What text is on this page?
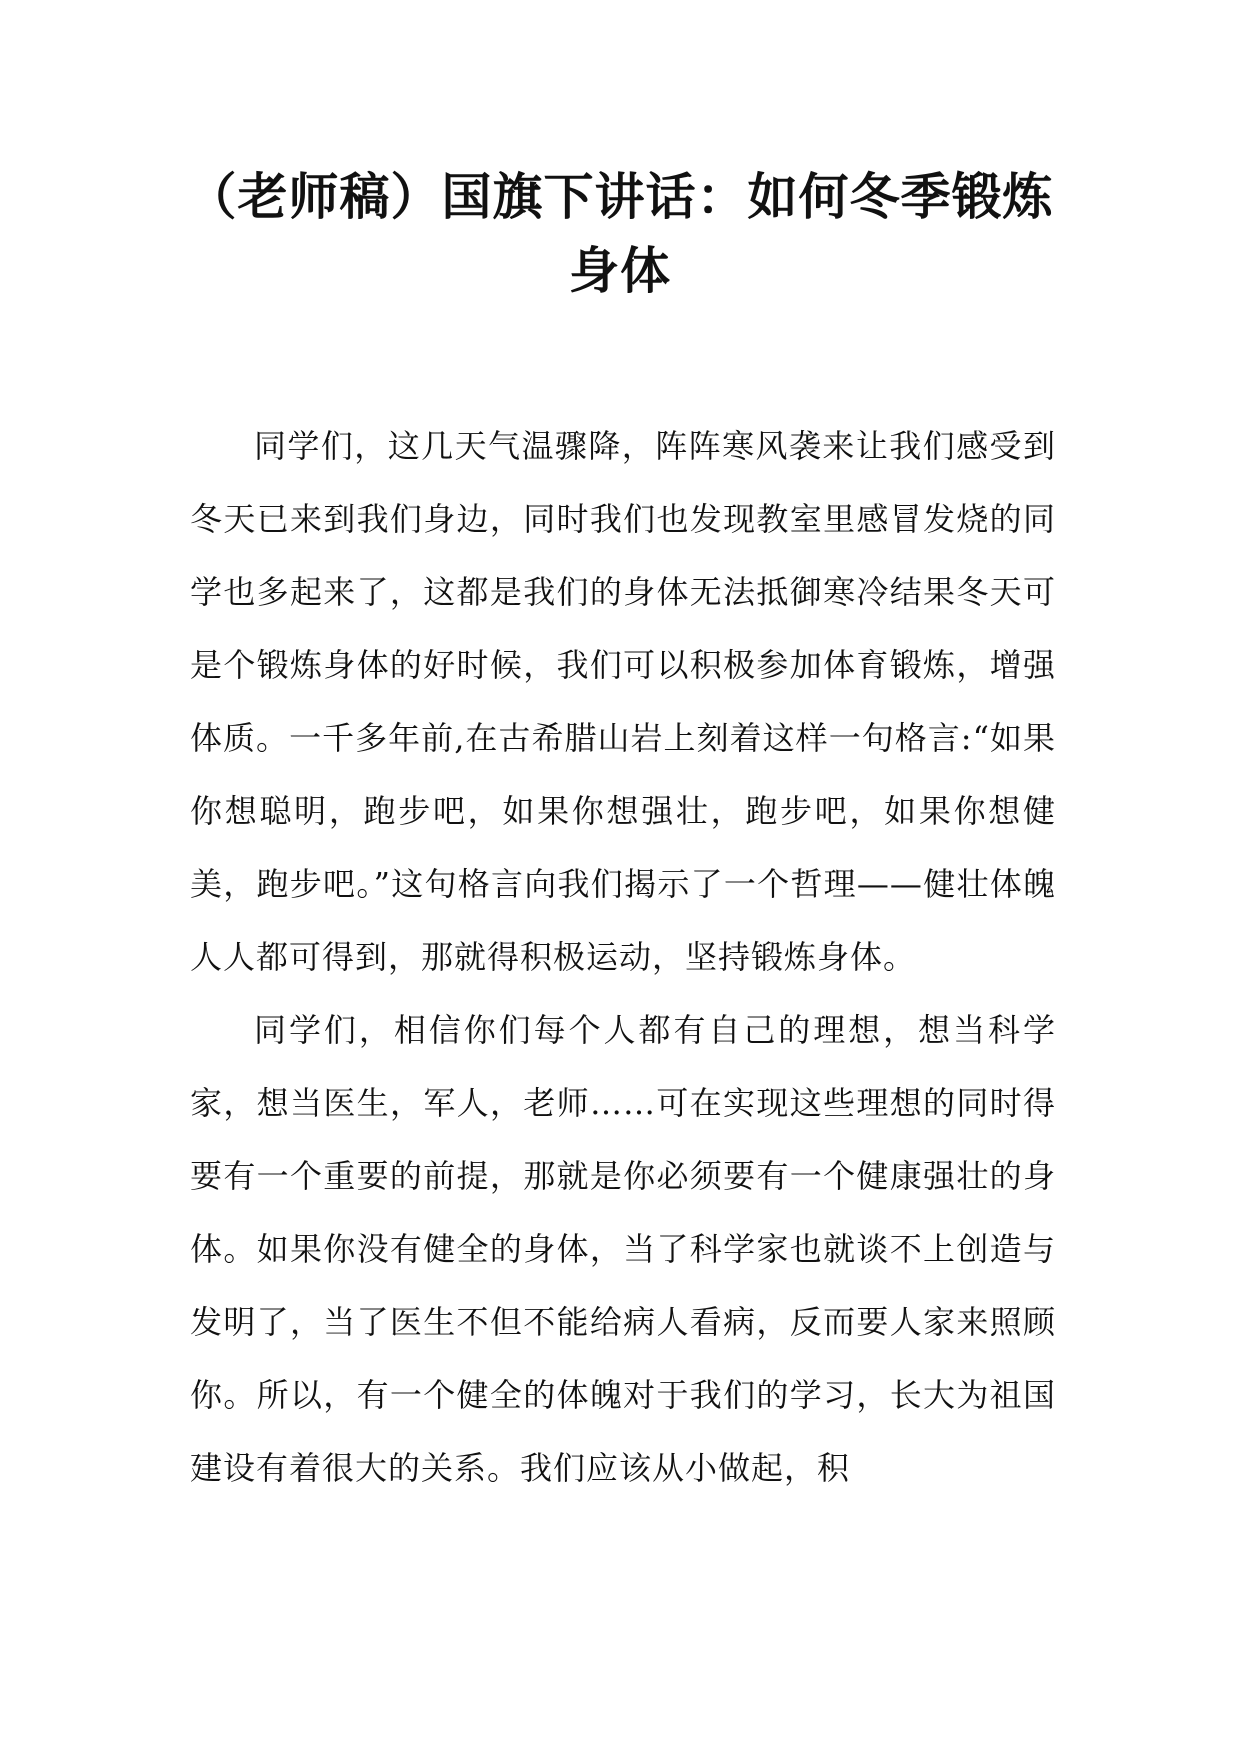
（老师稿）国旗下讲话：如何冬季锻炼
身体

同学们，这几天气温骤降，阵阵寒风袭来让我们感受到冬天已来到我们身边，同时我们也发现教室里感冒发烧的同学也多起来了，这都是我们的身体无法抵御寒冷结果冬天可是个锻炼身体的好时候，我们可以积极参加体育锻炼，增强体质。一千多年前,在古希腊山岩上刻着这样一句格言:“如果你想聪明，跑步吧，如果你想强壮，跑步吧，如果你想健美，跑步吧。”这句格言向我们揭示了一个哲理——健壮体魄人人都可得到，那就得积极运动，坚持锻炼身体。

同学们，相信你们每个人都有自己的理想，想当科学家，想当医生，军人，老师……可在实现这些理想的同时得要有一个重要的前提，那就是你必须要有一个健康强壮的身体。如果你没有健全的身体，当了科学家也就谈不上创造与发明了，当了医生不但不能给病人看病，反而要人家来照顾你。所以，有一个健全的体魄对于我们的学习，长大为祖国建设有着很大的关系。我们应该从小做起，积
